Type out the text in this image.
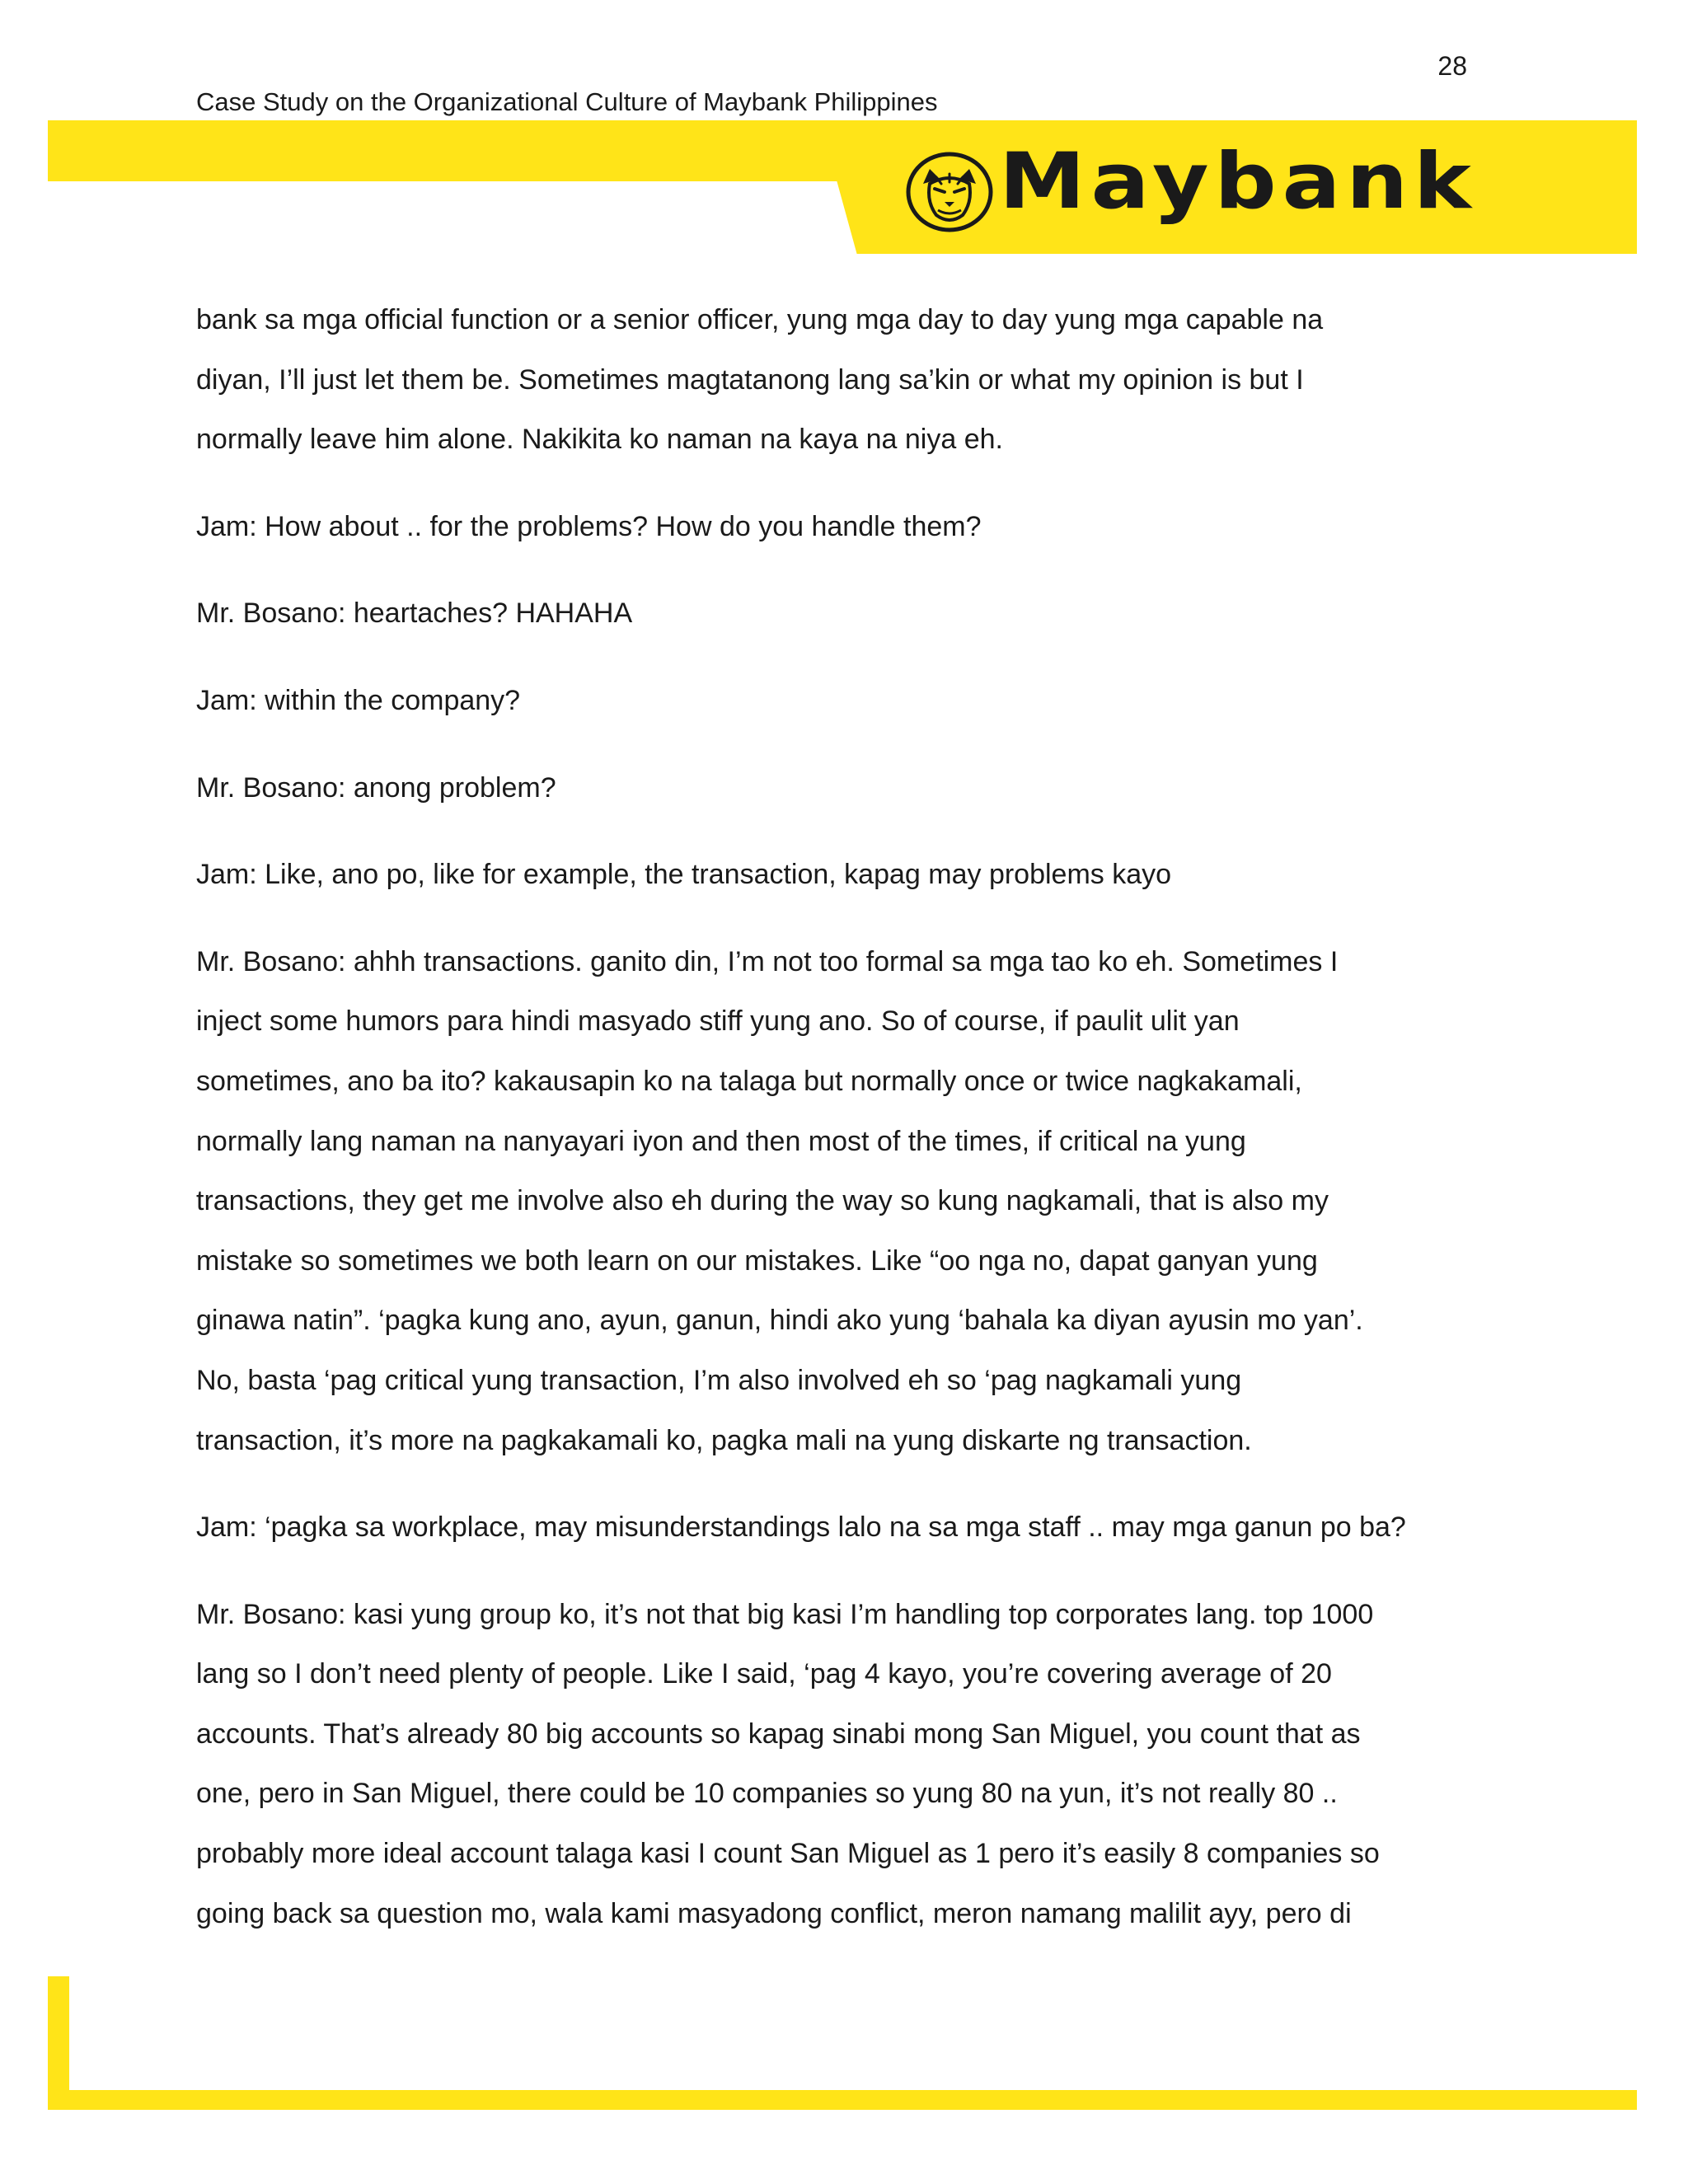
28
Case Study on the Organizational Culture of Maybank Philippines
Maybank

bank sa mga official function or a senior officer, yung mga day to day yung mga capable na
diyan, I’ll just let them be. Sometimes magtatanong lang sa’kin or what my opinion is but I
normally leave him alone. Nakikita ko naman na kaya na niya eh.

Jam: How about .. for the problems? How do you handle them?

Mr. Bosano: heartaches? HAHAHA

Jam: within the company?

Mr. Bosano: anong problem?

Jam: Like, ano po, like for example, the transaction, kapag may problems kayo

Mr. Bosano: ahhh transactions. ganito din, I’m not too formal sa mga tao ko eh. Sometimes I
inject some humors para hindi masyado stiff yung ano. So of course, if paulit ulit yan
sometimes, ano ba ito? kakausapin ko na talaga but normally once or twice nagkakamali,
normally lang naman na nanyayari iyon and then most of the times, if critical na yung
transactions, they get me involve also eh during the way so kung nagkamali, that is also my
mistake so sometimes we both learn on our mistakes. Like “oo nga no, dapat ganyan yung
ginawa natin”. ‘pagka kung ano, ayun, ganun, hindi ako yung ‘bahala ka diyan ayusin mo yan’.
No, basta ‘pag critical yung transaction, I’m also involved eh so ‘pag nagkamali yung
transaction, it’s more na pagkakamali ko, pagka mali na yung diskarte ng transaction.

Jam: ‘pagka sa workplace, may misunderstandings lalo na sa mga staff .. may mga ganun po ba?

Mr. Bosano: kasi yung group ko, it’s not that big kasi I’m handling top corporates lang. top 1000
lang so I don’t need plenty of people. Like I said, ‘pag 4 kayo, you’re covering average of 20
accounts. That’s already 80 big accounts so kapag sinabi mong San Miguel, you count that as
one, pero in San Miguel, there could be 10 companies so yung 80 na yun, it’s not really 80 ..
probably more ideal account talaga kasi I count San Miguel as 1 pero it’s easily 8 companies so
going back sa question mo, wala kami masyadong conflict, meron namang malilit ayy, pero di
